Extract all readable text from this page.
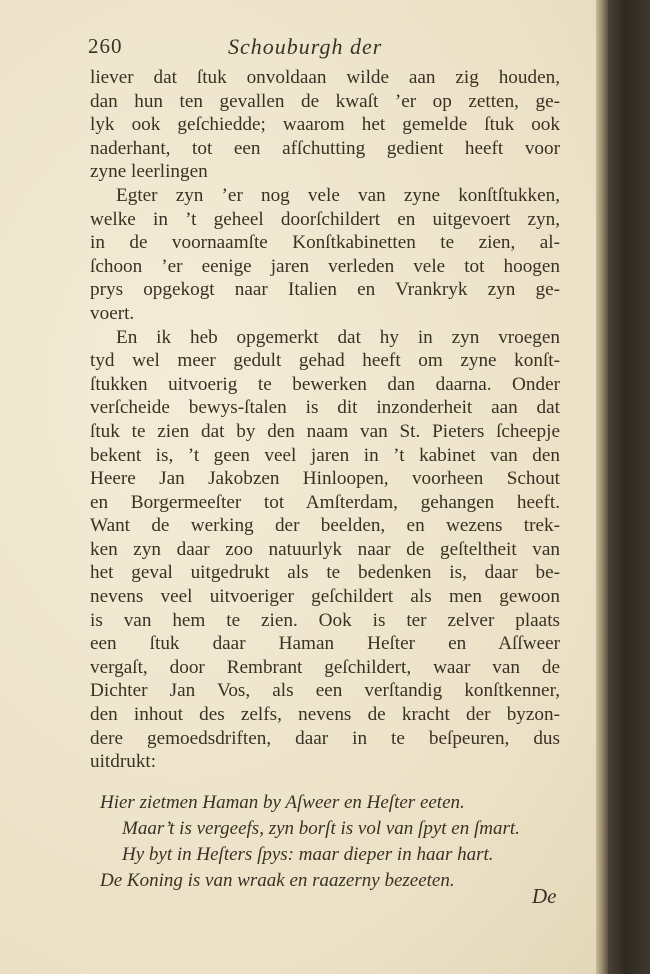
260	Schouburgh der
liever dat ſtuk onvoldaan wilde aan zig houden,
dan hun ten gevallen de kwaſt ’er op zetten, ge-
lyk ook geſchiedde; waarom het gemelde ſtuk ook
naderhant, tot een afſchutting gedient heeft voor
zyne leerlingen
Egter zyn ’er nog vele van zyne konſtſtukken,
welke in ’t geheel doorſchildert en uitgevoert zyn,
in de voornaamſte Konſtkabinetten te zien, al-
ſchoon ’er eenige jaren verleden vele tot hoogen
prys opgekogt naar Italien en Vrankryk zyn ge-
voert.
En ik heb opgemerkt dat hy in zyn vroegen
tyd wel meer gedult gehad heeft om zyne konſt-
ſtukken uitvoerig te bewerken dan daarna. Onder
verſcheide bewys-ſtalen is dit inzonderheit aan dat
ſtuk te zien dat by den naam van St. Pieters ſcheepje
bekent is, ’t geen veel jaren in ’t kabinet van den
Heere Jan Jakobzen Hinloopen, voorheen Schout
en Borgermeeſter tot Amſterdam, gehangen heeft.
Want de werking der beelden, en wezens trek-
ken zyn daar zoo natuurlyk naar de geſteltheit van
het geval uitgedrukt als te bedenken is, daar be-
nevens veel uitvoeriger geſchildert als men gewoon
is van hem te zien. Ook is ter zelver plaats
een ſtuk daar Haman Heſter en Aſſweer
vergaſt, door Rembrant geſchildert, waar van de
Dichter Jan Vos, als een verſtandig konſtkenner,
den inhout des zelfs, nevens de kracht der byzon-
dere gemoedsdriften, daar in te beſpeuren, dus
uitdrukt:
Hier zietmen Haman by Aſweer en Heſter eeten.
Maar’t is vergeefs, zyn borſt is vol van ſpyt en ſmart.
Hy byt in Heſters ſpys: maar dieper in haar hart.
De Koning is van wraak en raazerny bezeeten.
De
